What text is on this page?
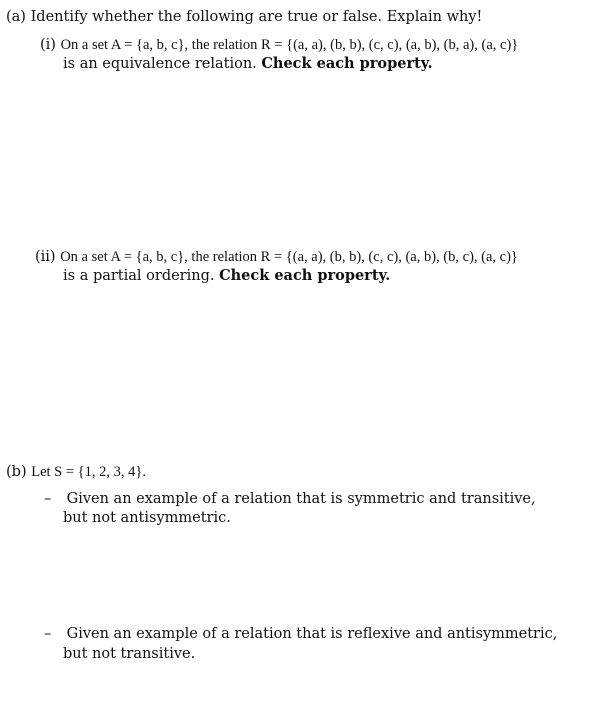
(a) Identify whether the following are true or false. Explain why!
(i) On a set A = {a, b, c}, the relation R = {(a, a), (b, b), (c, c), (a, b), (b, a), (a, c)}
is an equivalence relation. Check each property.
(ii) On a set A = {a, b, c}, the relation R = {(a, a), (b, b), (c, c), (a, b), (b, c), (a, c)}
is a partial ordering. Check each property.
(b) Let S = {1, 2, 3, 4}.
– Given an example of a relation that is symmetric and transitive,
but not antisymmetric.
– Given an example of a relation that is reflexive and antisymmetric,
but not transitive.
